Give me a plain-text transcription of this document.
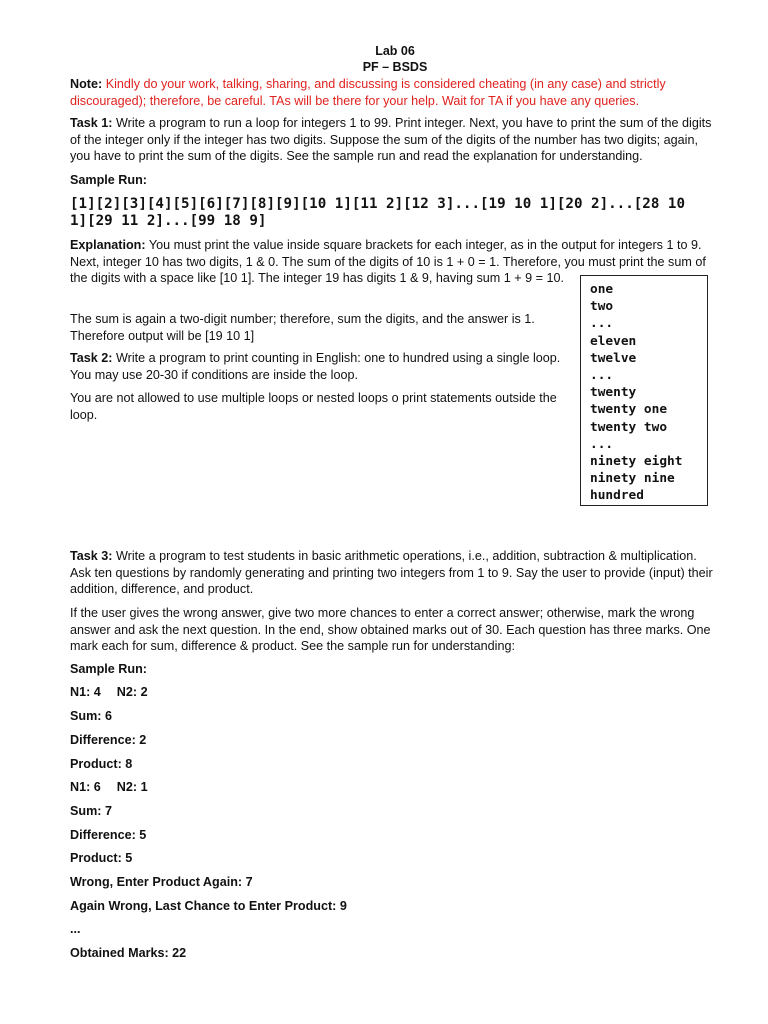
Lab 06
PF – BSDS

Note: Kindly do your work, talking, sharing, and discussing is considered cheating (in any case) and strictly discouraged); therefore, be careful. TAs will be there for your help. Wait for TA if you have any queries.

Task 1: Write a program to run a loop for integers 1 to 99. Print integer. Next, you have to print the sum of the digits of the integer only if the integer has two digits. Suppose the sum of the digits of the number has two digits; again, you have to print the sum of the digits. See the sample run and read the explanation for understanding.

Sample Run:

[1][2][3][4][5][6][7][8][9][10 1][11 2][12 3]...[19 10 1][20 2]...[28 10 1][29 11 2]...[99 18 9]

Explanation: You must print the value inside square brackets for each integer, as in the output for integers 1 to 9. Next, integer 10 has two digits, 1 & 0. The sum of the digits of 10 is 1 + 0 = 1. Therefore, you must print the sum of the digits with a space like [10 1]. The integer 19 has digits 1 & 9, having sum 1 + 9 = 10.

The sum is again a two-digit number; therefore, sum the digits, and the answer is 1. Therefore output will be [19 10 1]

Task 2: Write a program to print counting in English: one to hundred using a single loop. You may use 20-30 if conditions are inside the loop.

You are not allowed to use multiple loops or nested loops o print statements outside the loop.

one
two
...
eleven
twelve
...
twenty
twenty one
twenty two
...
ninety eight
ninety nine
hundred

Task 3: Write a program to test students in basic arithmetic operations, i.e., addition, subtraction & multiplication. Ask ten questions by randomly generating and printing two integers from 1 to 9. Say the user to provide (input) their addition, difference, and product.

If the user gives the wrong answer, give two more chances to enter a correct answer; otherwise, mark the wrong answer and ask the next question. In the end, show obtained marks out of 30. Each question has three marks. One mark each for sum, difference & product. See the sample run for understanding:

Sample Run:

N1: 4 N2: 2
Sum: 6
Difference: 2
Product: 8
N1: 6 N2: 1
Sum: 7
Difference: 5
Product: 5
Wrong, Enter Product Again: 7
Again Wrong, Last Chance to Enter Product: 9
...
Obtained Marks: 22
